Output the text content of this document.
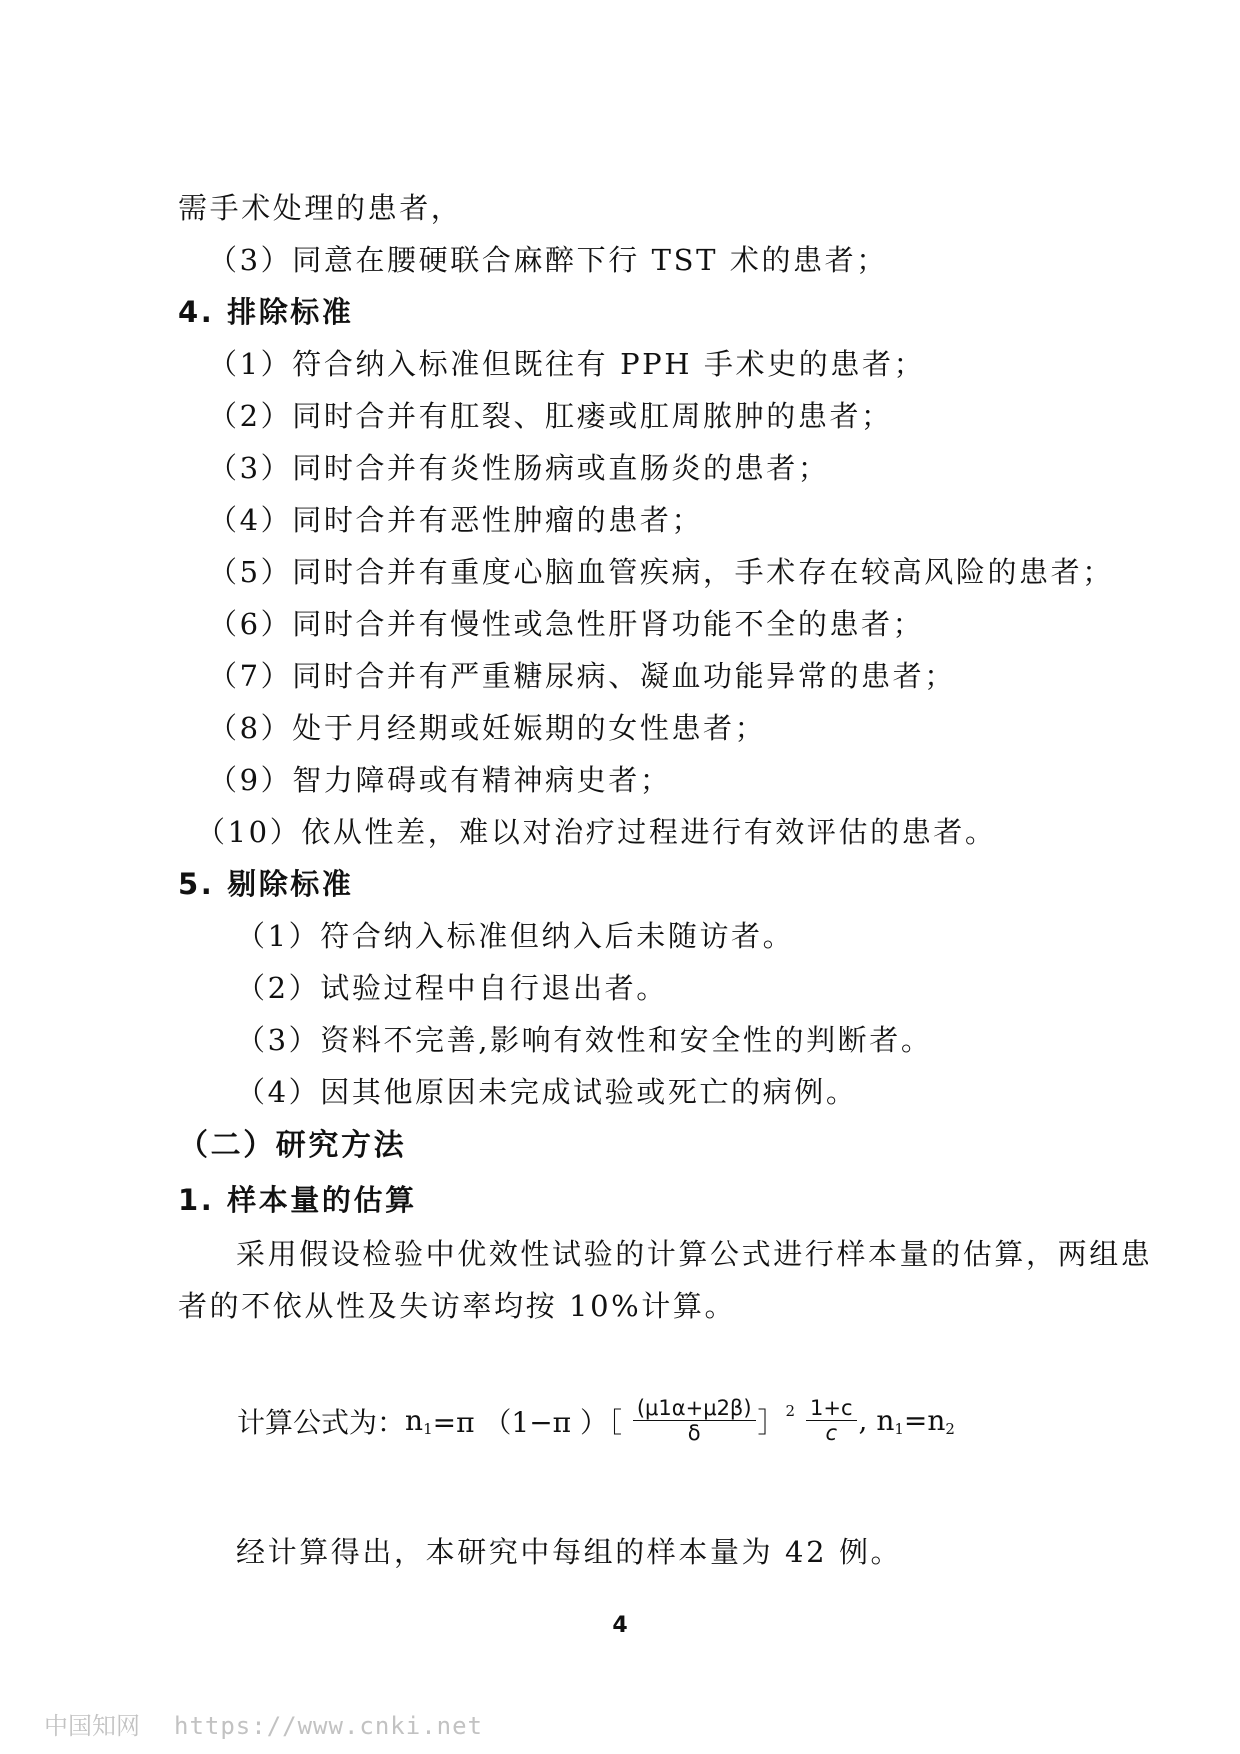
需手术处理的患者，
（3）同意在腰硬联合麻醉下行 TST 术的患者；
4. 排除标准
（1）符合纳入标准但既往有 PPH 手术史的患者；
（2）同时合并有肛裂、肛瘘或肛周脓肿的患者；
（3）同时合并有炎性肠病或直肠炎的患者；
（4）同时合并有恶性肿瘤的患者；
（5）同时合并有重度心脑血管疾病，手术存在较高风险的患者；
（6）同时合并有慢性或急性肝肾功能不全的患者；
（7）同时合并有严重糖尿病、凝血功能异常的患者；
（8）处于月经期或妊娠期的女性患者；
（9）智力障碍或有精神病史者；
（10）依从性差，难以对治疗过程进行有效评估的患者。
5. 剔除标准
（1）符合纳入标准但纳入后未随访者。
（2）试验过程中自行退出者。
（3）资料不完善,影响有效性和安全性的判断者。
（4）因其他原因未完成试验或死亡的病例。
（二）研究方法
1. 样本量的估算
采用假设检验中优效性试验的计算公式进行样本量的估算，两组患
者的不依从性及失访率均按 10%计算。
经计算得出，本研究中每组的样本量为 42 例。
计算公式为：n1=π （1−π ）［ $\frac{(\mu 1\alpha+\mu 2\beta)}{\delta}$ ］2 $\frac{1+c}{c}$ , n1=n2
4
中国知网 https://www.cnki.net
